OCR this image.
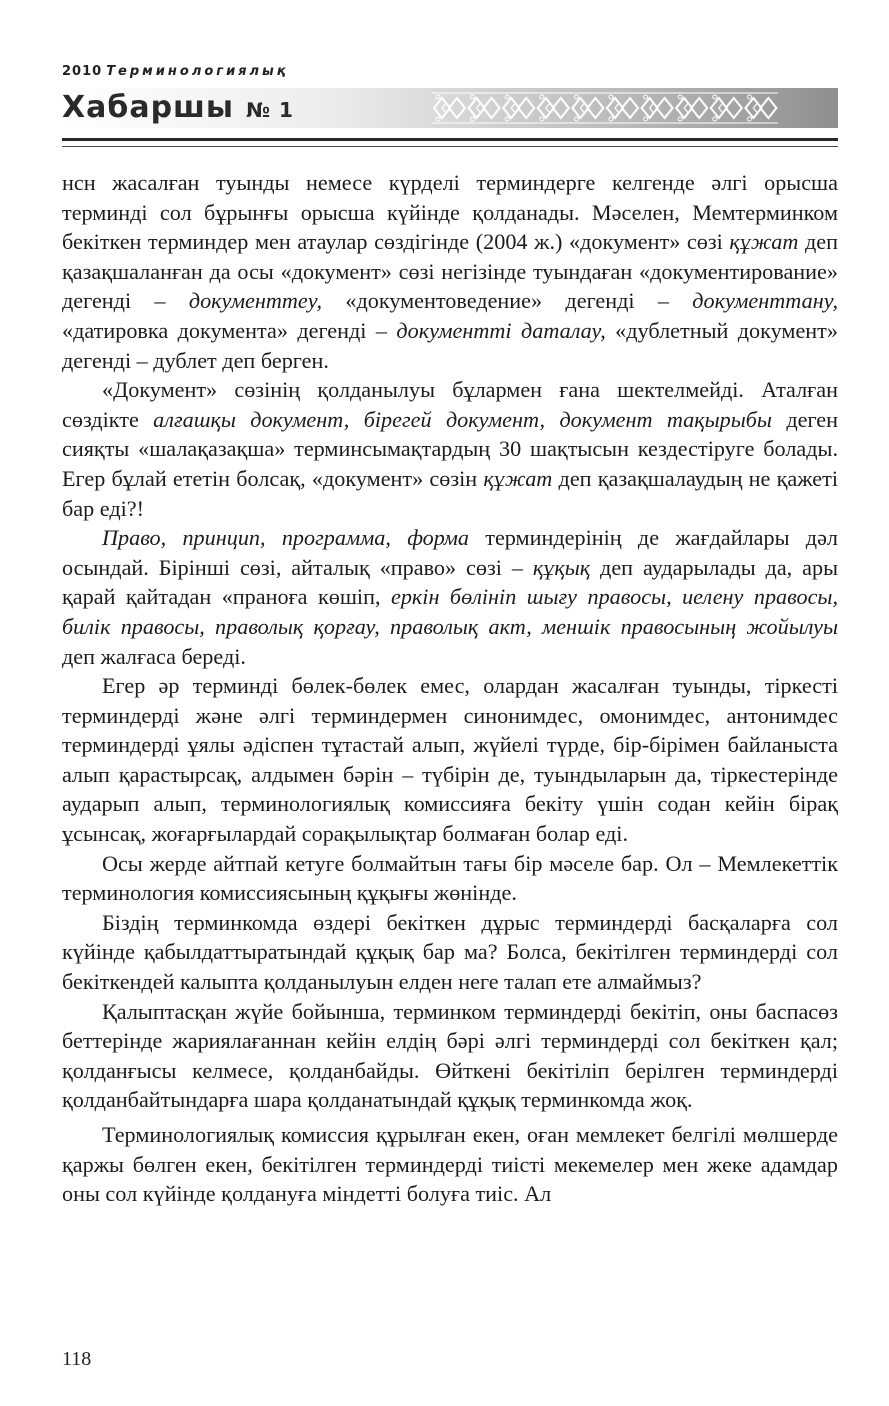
2010 Терминологиялық
Хабаршы № 1

нсн жасалған туынды немесе күрделі терминдерге келгенде әлгі орысша терминді сол бұрынғы орысша күйінде қолданады. Мәселен, Мемтерминком бекіткен терминдер мен атаулар сөздігінде (2004 ж.) «документ» сөзі құжат деп қазақшаланған да осы «документ» сөзі негізінде туындаған «документирование» дегенді – документтеу, «документоведение» дегенді – документтану, «датировка документа» дегенді – документті даталау, «дублетный документ» дегенді – дублет деп берген.

«Документ» сөзінің қолданылуы бұлармен ғана шектелмейді. Аталған сөздікте алғашқы документ, бірегей документ, документ тақырыбы деген сияқты «шалақазақша» терминсымақтардың 30 шақтысын кездестіруге болады. Егер бұлай ететін болсақ, «документ» сөзін құжат деп қазақшалаудың не қажеті бар еді?!

Право, принцип, программа, форма терминдерінің де жағдайлары дәл осындай. Бірінші сөзі, айталық «право» сөзі – құқық деп аударылады да, ары қарай қайтадан «праноға көшіп, еркін бөлініп шығу правосы, иелену правосы, билік правосы, праволық қорғау, праволық акт, меншік правосының жойылуы деп жалғаса береді.

Егер әр терминді бөлек-бөлек емес, олардан жасалған туынды, тіркесті терминдерді және әлгі терминдермен синонимдес, омонимдес, антонимдес терминдерді ұялы әдіспен тұтастай алып, жүйелі түрде, бір-бірімен байланыста алып қарастырсақ, алдымен бәрін – түбірін де, туындыларын да, тіркестерінде аударып алып, терминологиялық комиссияға бекіту үшін содан кейін бірақ ұсынсақ, жоғарғылардай сорақылықтар болмаған болар еді.

Осы жерде айтпай кетуге болмайтын тағы бір мәселе бар. Ол – Мемлекеттік терминология комиссиясының құқығы жөнінде.

Біздің терминкомда өздері бекіткен дұрыс терминдерді басқаларға сол күйінде қабылдаттыратындай құқық бар ма? Болса, бекітілген терминдерді сол бекіткендей калыпта қолданылуын елден неге талап ете алмаймыз?

Қалыптасқан жүйе бойынша, терминком терминдерді бекітіп, оны баспасөз беттерінде жариялағаннан кейін елдің бәрі әлгі терминдерді сол бекіткен қал; қолданғысы келмесе, қолданбайды. Өйткені бекітіліп берілген терминдерді қолданбайтындарға шара қолданатындай құқық терминкомда жоқ.

Терминологиялық комиссия құрылған екен, оған мемлекет белгілі мөлшерде қаржы бөлген екен, бекітілген терминдерді тиісті мекемелер мен жеке адамдар оны сол күйінде қолдануға міндетті болуға тиіс. Ал

118
